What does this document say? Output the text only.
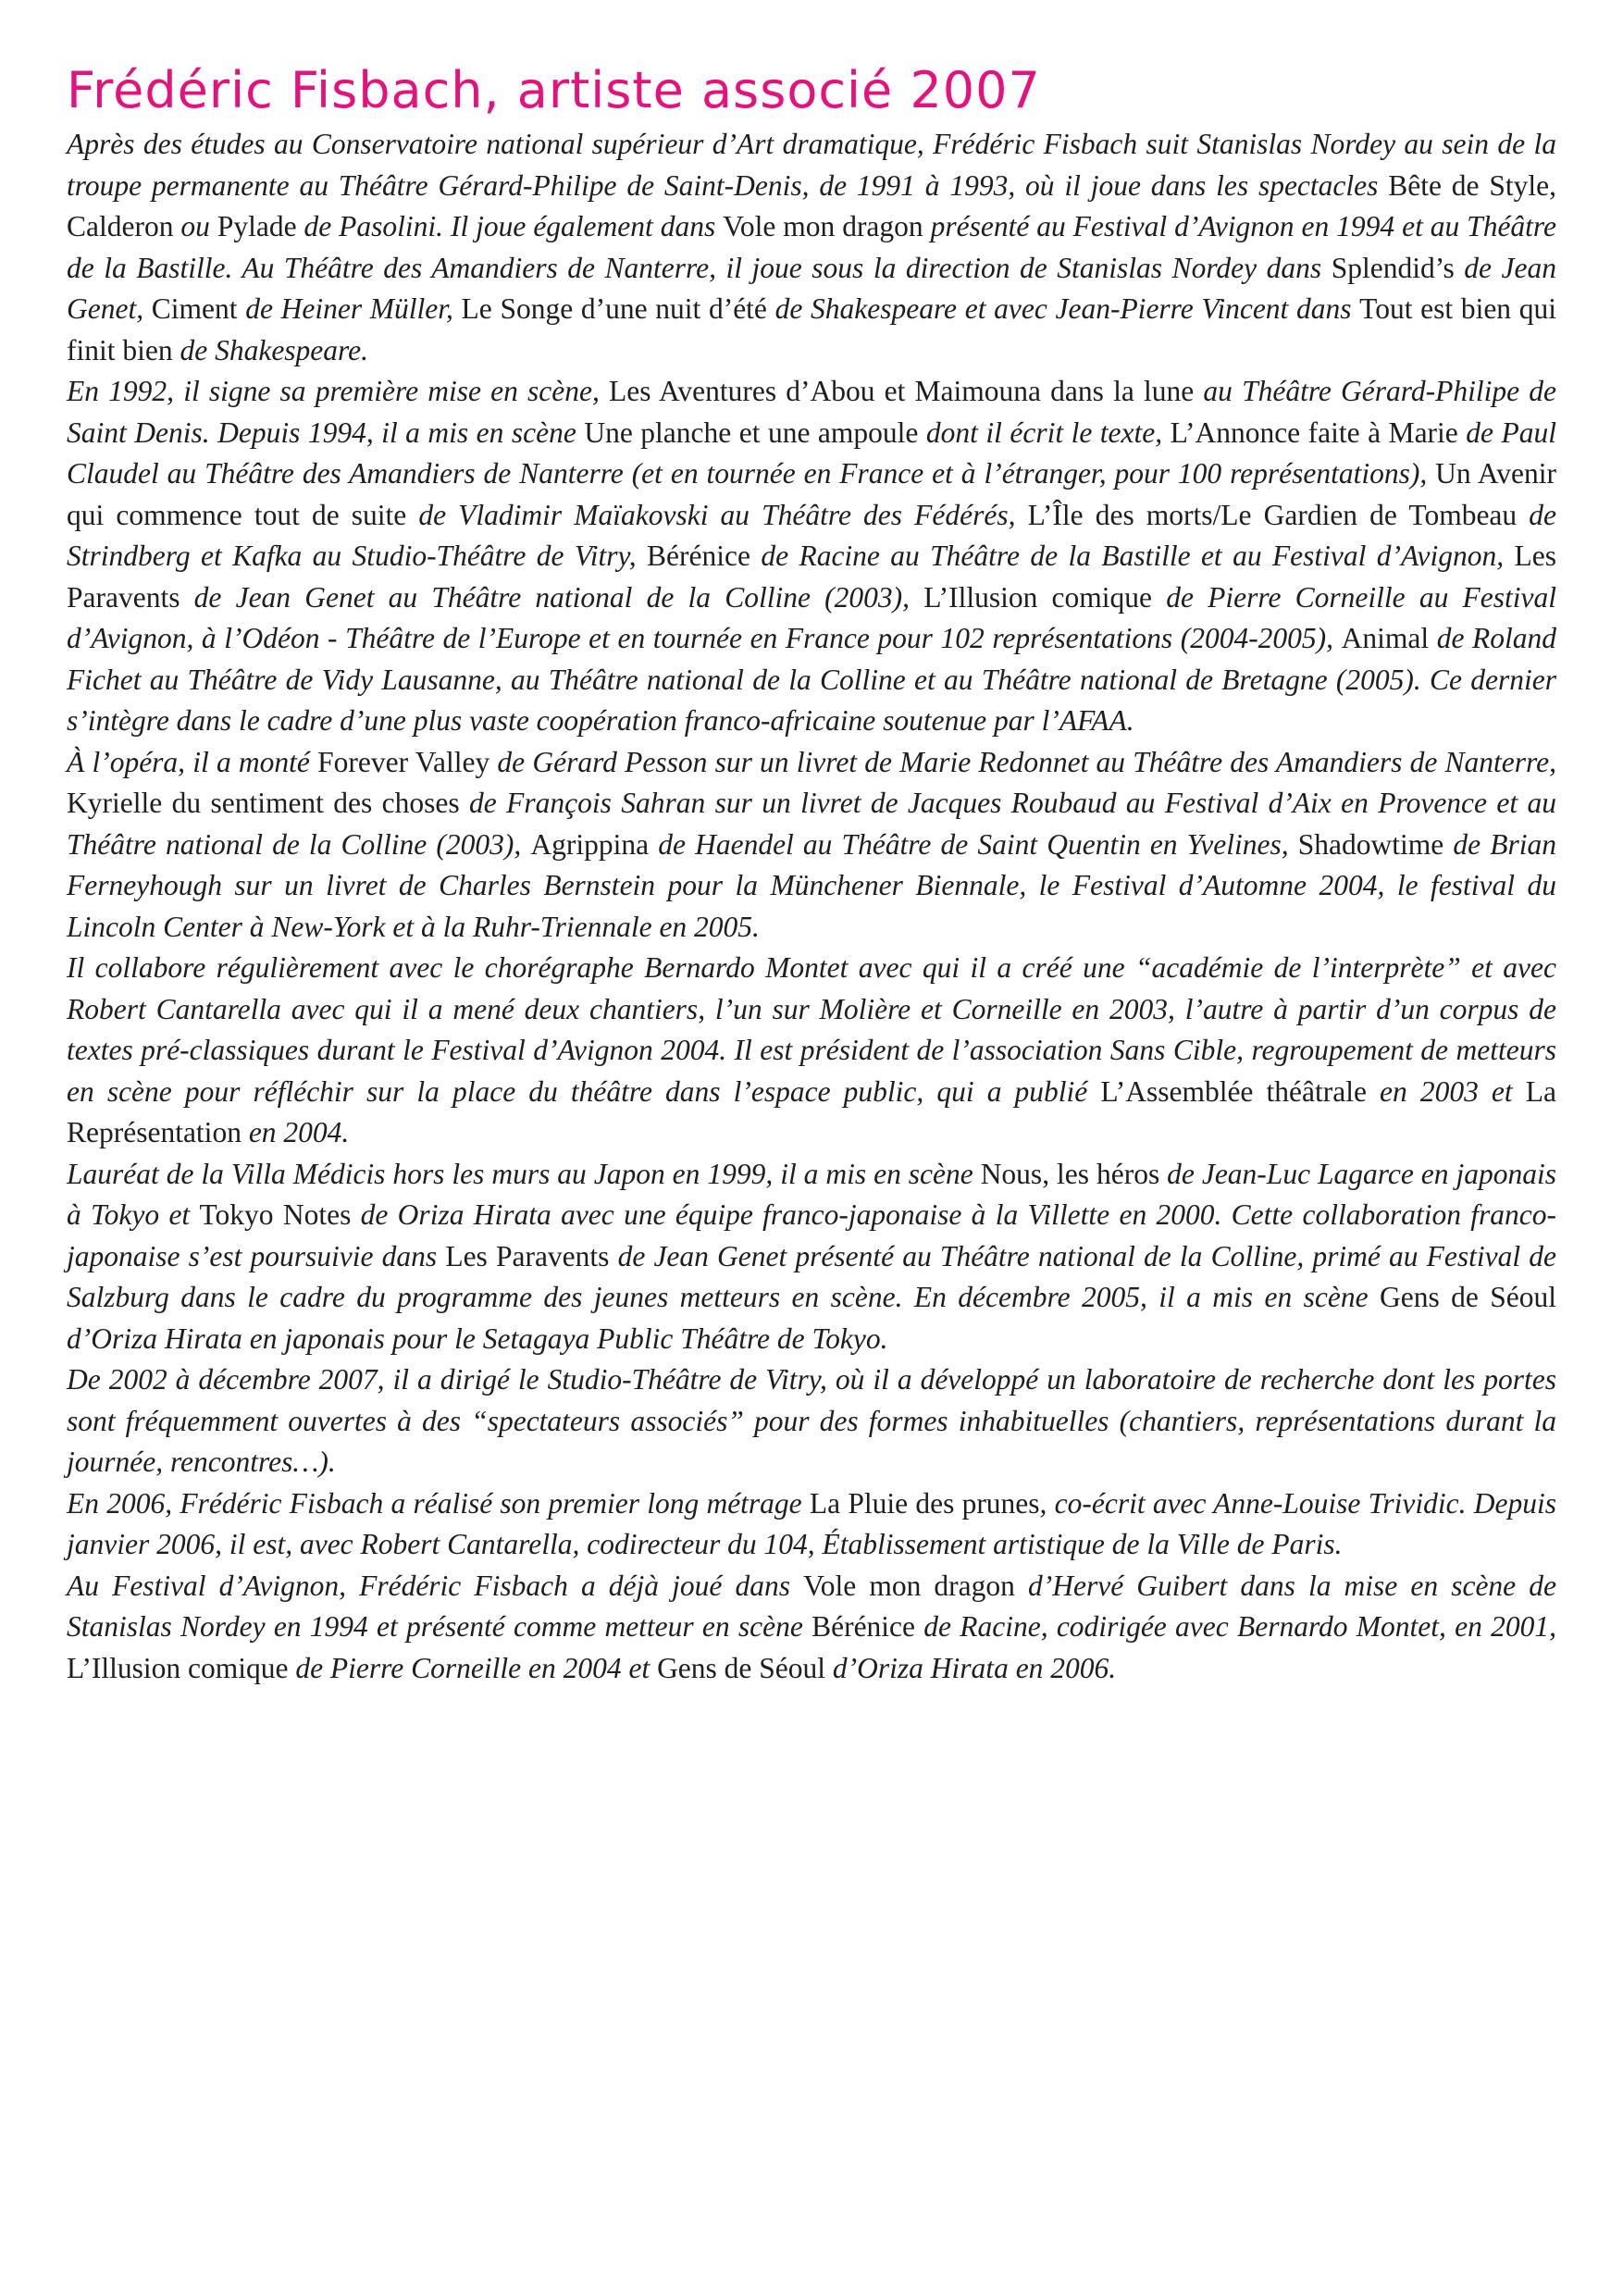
Frédéric Fisbach, artiste associé 2007

Après des études au Conservatoire national supérieur d’Art dramatique, Frédéric Fisbach suit Stanislas Nordey au sein de la troupe permanente au Théâtre Gérard-Philipe de Saint-Denis, de 1991 à 1993, où il joue dans les spectacles Bête de Style, Calderon ou Pylade de Pasolini. Il joue également dans Vole mon dragon présenté au Festival d’Avignon en 1994 et au Théâtre de la Bastille. Au Théâtre des Amandiers de Nanterre, il joue sous la direction de Stanislas Nordey dans Splendid’s de Jean Genet, Ciment de Heiner Müller, Le Songe d’une nuit d’été de Shakespeare et avec Jean-Pierre Vincent dans Tout est bien qui finit bien de Shakespeare.

En 1992, il signe sa première mise en scène, Les Aventures d’Abou et Maimouna dans la lune au Théâtre Gérard-Philipe de Saint Denis. Depuis 1994, il a mis en scène Une planche et une ampoule dont il écrit le texte, L’Annonce faite à Marie de Paul Claudel au Théâtre des Amandiers de Nanterre (et en tournée en France et à l’étranger, pour 100 représentations), Un Avenir qui commence tout de suite de Vladimir Maïakovski au Théâtre des Fédérés, L’Île des morts/Le Gardien de Tombeau de Strindberg et Kafka au Studio-Théâtre de Vitry, Bérénice de Racine au Théâtre de la Bastille et au Festival d’Avignon, Les Paravents de Jean Genet au Théâtre national de la Colline (2003), L’Illusion comique de Pierre Corneille au Festival d’Avignon, à l’Odéon - Théâtre de l’Europe et en tournée en France pour 102 représentations (2004-2005), Animal de Roland Fichet au Théâtre de Vidy Lausanne, au Théâtre national de la Colline et au Théâtre national de Bretagne (2005). Ce dernier s’intègre dans le cadre d’une plus vaste coopération franco-africaine soutenue par l’AFAA.

À l’opéra, il a monté Forever Valley de Gérard Pesson sur un livret de Marie Redonnet au Théâtre des Amandiers de Nanterre, Kyrielle du sentiment des choses de François Sahran sur un livret de Jacques Roubaud au Festival d’Aix en Provence et au Théâtre national de la Colline (2003), Agrippina de Haendel au Théâtre de Saint Quentin en Yvelines, Shadowtime de Brian Ferneyhough sur un livret de Charles Bernstein pour la Münchener Biennale, le Festival d’Automne 2004, le festival du Lincoln Center à New-York et à la Ruhr-Triennale en 2005.

Il collabore régulièrement avec le chorégraphe Bernardo Montet avec qui il a créé une “académie de l’interprète” et avec Robert Cantarella avec qui il a mené deux chantiers, l’un sur Molière et Corneille en 2003, l’autre à partir d’un corpus de textes pré-classiques durant le Festival d’Avignon 2004. Il est président de l’association Sans Cible, regroupement de metteurs en scène pour réfléchir sur la place du théâtre dans l’espace public, qui a publié L’Assemblée théâtrale en 2003 et La Représentation en 2004.

Lauréat de la Villa Médicis hors les murs au Japon en 1999, il a mis en scène Nous, les héros de Jean-Luc Lagarce en japonais à Tokyo et Tokyo Notes de Oriza Hirata avec une équipe franco-japonaise à la Villette en 2000. Cette collaboration franco-japonaise s’est poursuivie dans Les Paravents de Jean Genet présenté au Théâtre national de la Colline, primé au Festival de Salzburg dans le cadre du programme des jeunes metteurs en scène. En décembre 2005, il a mis en scène Gens de Séoul d’Oriza Hirata en japonais pour le Setagaya Public Théâtre de Tokyo.

De 2002 à décembre 2007, il a dirigé le Studio-Théâtre de Vitry, où il a développé un laboratoire de recherche dont les portes sont fréquemment ouvertes à des “spectateurs associés” pour des formes inhabituelles (chantiers, représentations durant la journée, rencontres…).

En 2006, Frédéric Fisbach a réalisé son premier long métrage La Pluie des prunes, co-écrit avec Anne-Louise Trividic. Depuis janvier 2006, il est, avec Robert Cantarella, codirecteur du 104, Établissement artistique de la Ville de Paris.

Au Festival d’Avignon, Frédéric Fisbach a déjà joué dans Vole mon dragon d’Hervé Guibert dans la mise en scène de Stanislas Nordey en 1994 et présenté comme metteur en scène Bérénice de Racine, codirigée avec Bernardo Montet, en 2001, L’Illusion comique de Pierre Corneille en 2004 et Gens de Séoul d’Oriza Hirata en 2006.
